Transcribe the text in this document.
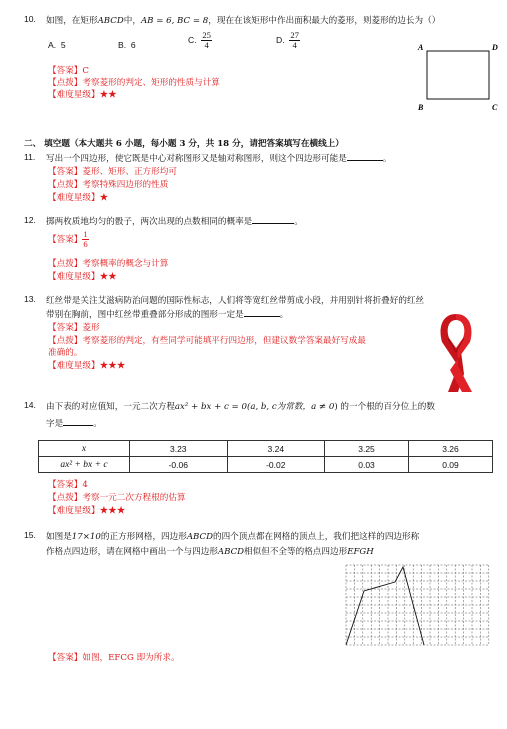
10. 如图，在矩形ABCD中，AB = 6, BC = 8，现在在该矩形中作出面积最大的菱形，则菱形的边长为（）
A. 5	B. 6
C. $\frac{25}{4}$	D. $\frac{27}{4}$
【答案】C
【点拨】考察菱形的判定、矩形的性质与计算
【难度星级】★★
A	D
B	C
二、 填空题（本大题共 6 小题，每小题 3 分，共 18 分，请把答案填写在横线上）
11. 写出一个四边形，使它既是中心对称图形又是轴对称图形，则这个四边形可能是	。
【答案】菱形、矩形、正方形均可
【点拨】考察特殊四边形的性质
【难度星级】★
12. 掷两枚质地均匀的骰子，两次出现的点数相同的概率是	。
【答案】 $\frac{1}{6}$
【点拨】考察概率的概念与计算
【难度星级】★★
13. 红丝带是关注艾滋病防治问题的国际性标志，人们将等宽红丝带剪成小段，并用别针将折叠好的红丝
带别在胸前，图中红丝带重叠部分形成的图形一定是	。
【答案】菱形
【点拨】考察菱形的判定，有些同学可能填平行四边形，但建议数学答案最好写成最
准确的。
【难度星级】★★★
14. 由下表的对应值知，一元二次方程ax² + bx + c = 0(a, b, c为常数，a ≠ 0) 的一个根的百分位上的数
字是	。
x	3.23	3.24	3.25	3.26
ax² + bx + c	-0.06	-0.02	0.03	0.09
【答案】4
【点拨】考察一元二次方程根的估算
【难度星级】★★★
15. 如图是17×10的正方形网格，四边形ABCD的四个顶点都在网格的顶点上，我们把这样的四边形称
作格点四边形，请在网格中画出一个与四边形ABCD相似但不全等的格点四边形EFGH
【答案】如图，EFCG 即为所求。
